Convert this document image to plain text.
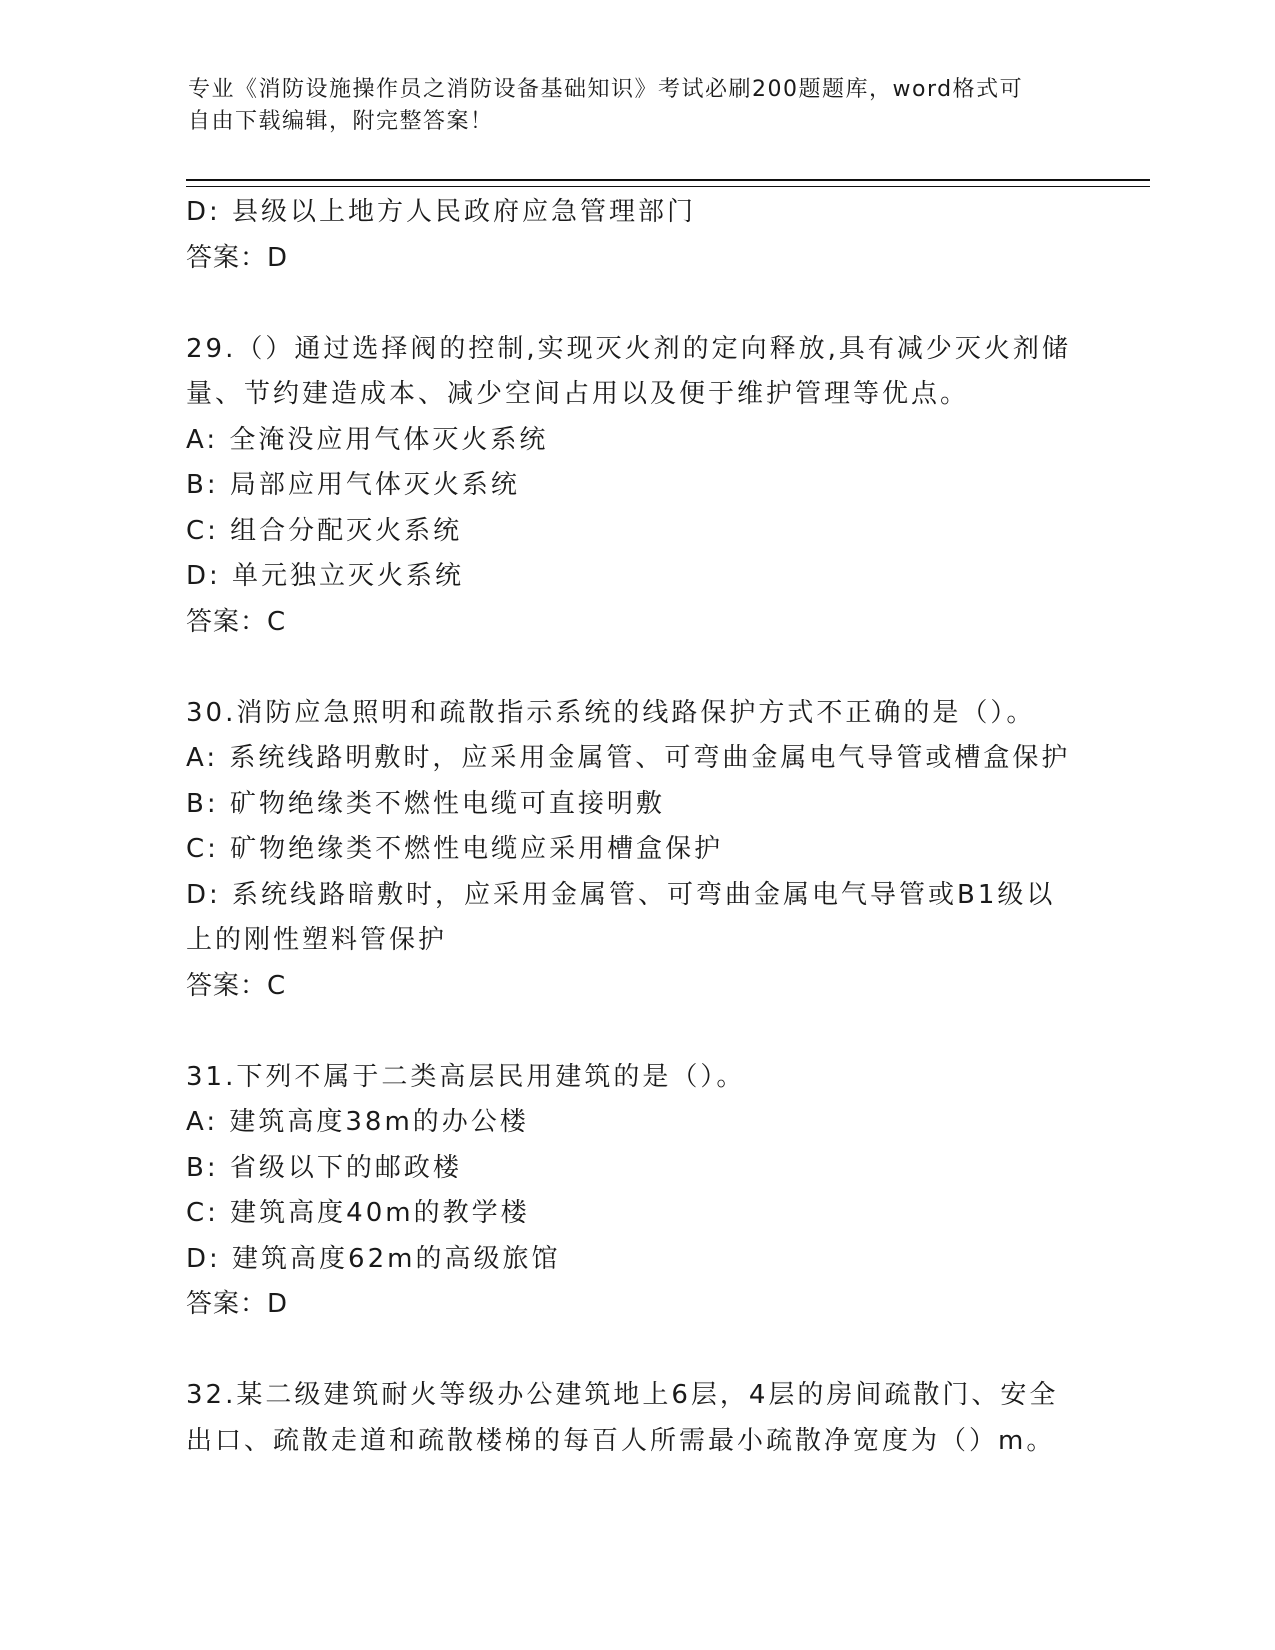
专业《消防设施操作员之消防设备基础知识》考试必刷200题题库，word格式可
自由下载编辑，附完整答案！
D: 县级以上地方人民政府应急管理部门
答案：D
29.（）通过选择阀的控制,实现灭火剂的定向释放,具有减少灭火剂储
量、节约建造成本、减少空间占用以及便于维护管理等优点。
A: 全淹没应用气体灭火系统
B: 局部应用气体灭火系统
C: 组合分配灭火系统
D: 单元独立灭火系统
答案：C
30.消防应急照明和疏散指示系统的线路保护方式不正确的是（）。
A: 系统线路明敷时，应采用金属管、可弯曲金属电气导管或槽盒保护
B: 矿物绝缘类不燃性电缆可直接明敷
C: 矿物绝缘类不燃性电缆应采用槽盒保护
D: 系统线路暗敷时，应采用金属管、可弯曲金属电气导管或B1级以
上的刚性塑料管保护
答案：C
31.下列不属于二类高层民用建筑的是（）。
A: 建筑高度38m的办公楼
B: 省级以下的邮政楼
C: 建筑高度40m的教学楼
D: 建筑高度62m的高级旅馆
答案：D
32.某二级建筑耐火等级办公建筑地上6层，4层的房间疏散门、安全
出口、疏散走道和疏散楼梯的每百人所需最小疏散净宽度为（）m。
